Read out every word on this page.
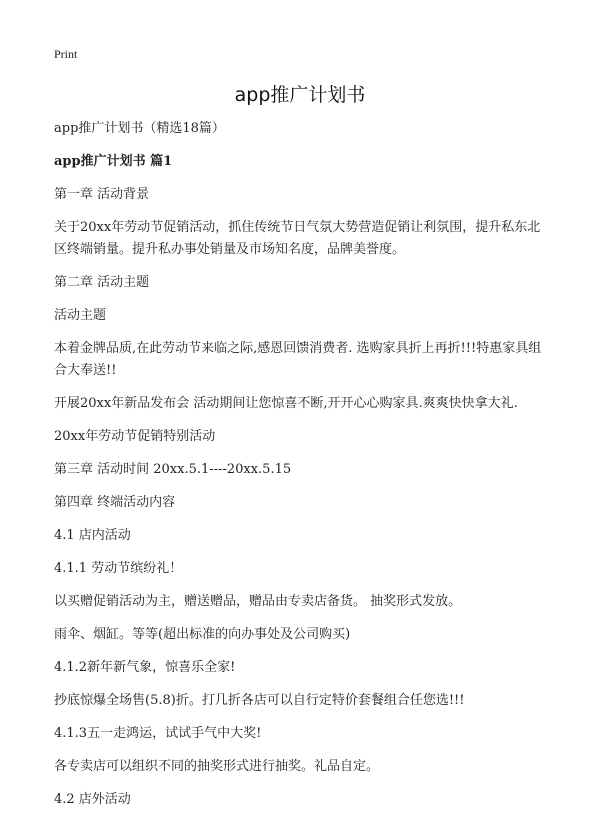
Print
app推广计划书

app推广计划书（精选18篇）

app推广计划书 篇1

第一章 活动背景

关于20xx年劳动节促销活动，抓住传统节日气氛大势营造促销让利氛围，提升私东北区终端销量。提升私办事处销量及市场知名度，品牌美誉度。

第二章 活动主题

活动主题

本着金牌品质,在此劳动节来临之际,感恩回馈消费者. 选购家具折上再折!!!特惠家具组合大奉送!!

开展20xx年新品发布会 活动期间让您惊喜不断,开开心心购家具.爽爽快快拿大礼.

20xx年劳动节促销特别活动

第三章 活动时间 20xx.5.1----20xx.5.15

第四章 终端活动内容

4.1 店内活动

4.1.1 劳动节缤纷礼！

以买赠促销活动为主，赠送赠品，赠品由专卖店备货。 抽奖形式发放。

雨伞、烟缸。等等(超出标准的向办事处及公司购买)

4.1.2新年新气象，惊喜乐全家!

抄底惊爆全场售(5.8)折。打几折各店可以自行定特价套餐组合任您选!!!

4.1.3五一走鸿运，试试手气中大奖!

各专卖店可以组织不同的抽奖形式进行抽奖。礼品自定。

4.2 店外活动
